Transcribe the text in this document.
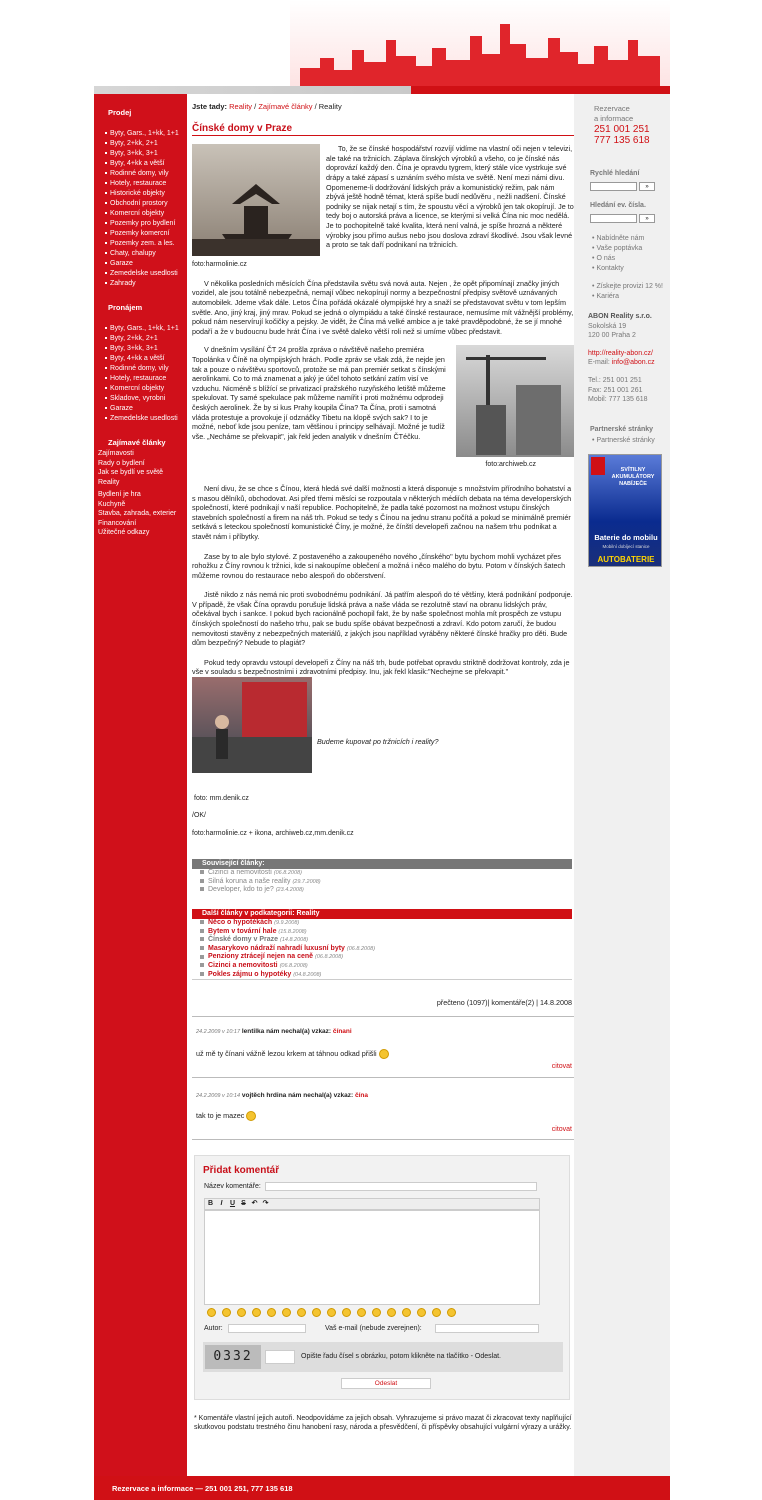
Prodej
Byty, Gars., 1+kk, 1+1
Byty, 2+kk, 2+1
Byty, 3+kk, 3+1
Byty, 4+kk a větší
Rodinné domy, vily
Hotely, restaurace
Historické objekty
Obchodní prostory
Komercní objekty
Pozemky pro bydlení
Pozemky komercní
Pozemky zem. a les.
Chaty, chalupy
Garaze
Zemedelske usedlosti
Zahrady
Pronájem
Byty, Gars., 1+kk, 1+1
Byty, 2+kk, 2+1
Byty, 3+kk, 3+1
Byty, 4+kk a větší
Rodinné domy, vily
Hotely, restaurace
Komercní objekty
Skladove, vyrobni
Garaze
Zemedelske usedlosti
Zajímavé články
Zajímavosti
Rady o bydlení
Jak se bydlí ve světě
Reality
Bydlení je hra
Kuchyně
Stavba, zahrada, exterier
Financování
Užitečné odkazy
Jste tady: Reality / Zajímavé články / Reality
Čínské domy v Praze
To, že se čínské hospodářství rozvíjí vidíme na vlastní oči nejen v televizi, ale také na tržnicích. Záplava čínských výrobků a všeho, co je čínské nás doprovází každý den. Čína je opravdu tygrem, který stále více vystrkuje své drápy a také zápasí s uznáním svého místa ve světě. Není mezi námi divu. Opomeneme-li dodržování lidských práv a komunistický režim, pak nám zbývá ještě hodně témat, která spíše budí nedůvěru , nežli nadšení. Čínské podniky se nijak netají s tím, že spoustu věcí a výrobků jen tak okopírují. Je to tedy boj o autorská práva a licence, se kterými si velká Čína nic moc nedělá. Je to pochopitelně také kvalita, která není valná, je spíše hrozná a některé výrobky jsou přímo aušus nebo jsou doslova zdraví škodlivé. Jsou však levné a proto se tak daří podnikaní na tržnicích.
foto:harmolinie.cz
V několika posledních měsících Čína představila světu svá nová auta. Nejen , že opět připomínají značky jiných vozidel, ale jsou totálně nebezpečná, nemají vůbec nekopírují normy a bezpečnostní předpisy světově uznávaných automobilek. Jdeme však dále. Letos Čína pořádá okázalé olympijské hry a snaží se představovat světu v tom lepším světle. Ano, jiný kraj, jiný mrav. Pokud se jedná o olympiádu a také čínské restaurace, nemusíme mít vážnější problémy, pokud nám neservírují kočičky a pejsky. Je vidět, že Čína má velké ambice a je také pravděpodobné, že se jí mnohé podaří a že v budoucnu bude hrát Čína i ve světě daleko větší roli než si umíme vůbec představit.
V dnešním vysílání ČT 24 prošla zpráva o návštěvě našeho premiéra Topolánka v Číně na olympijských hrách. Podle zpráv se však zdá, že nejde jen tak a pouze o návštěvu sportovců, protože se má pan premiér setkat s čínskými aerolinkami. Co to má znamenat a jaký je účel tohoto setkání zatím visí ve vzduchu. Nicméně s blížící se privatizací pražského ruzyňského letiště můžeme spekulovat. Ty samé spekulace pak můžeme namířit i proti možnému odprodeji českých aerolinek. Že by si kus Prahy koupila Čína? Ta Čína, proti i samotná vláda protestuje a provokuje jí odznáčky Tibetu na klopě svých sak? I to je možné, neboť kde jsou peníze, tam většinou i principy selhávají. Možné je tudíž vše. „Necháme se překvapit", jak řekl jeden analytik v dnešním ČTéčku.
foto:archiweb.cz
Není divu, že se chce s Čínou, která hledá své další možnosti a která disponuje s množstvím přírodního bohatství a s masou dělníků, obchodovat. Asi před třemi měsíci se rozpoutala v některých médiích debata na téma developerských společností, které podnikají v naší republice. Pochopitelně, že padla také pozornost na možnost vstupu čínských stavebních společností a firem na náš trh. Pokud se tedy s Čínou na jednu stranu počítá a pokud se minimálně premiér setkává s leteckou společností komunistické Číny, je možné, že čínští developeři začnou na našem trhu podnikat a stavět nám i příbytky.
Zase by to ale bylo stylové. Z postaveného a zakoupeného nového „čínského" bytu bychom mohli vycházet přes rohožku z Číny rovnou k tržnici, kde si nakoupíme oblečení a možná i něco malého do bytu. Potom v čínských šatech můžeme rovnou do restaurace nebo alespoň do občerstvení.
Jistě nikdo z nás nemá nic proti svobodnému podnikání. Já patřím alespoň do té většiny, která podnikání podporuje. V případě, že však Čína opravdu porušuje lidská práva a naše vláda se rezolutně staví na obranu lidských práv, očekával bych i sankce. I pokud bych racionálně pochopil fakt, že by naše společnost mohla mít prospěch ze vstupu čínských společností do našeho trhu, pak se budu spíše obávat bezpečnosti a zdraví. Kdo potom zaručí, že budou nemovitosti stavěny z nebezpečných materiálů, z jakých jsou například vyráběny některé čínské hračky pro děti. Bude dům bezpečný? Nebude to plagiát?
Pokud tedy opravdu vstoupí developeři z Číny na náš trh, bude potřebat opravdu striktně dodržovat kontroly, zda je vše v souladu s bezpečnostními i zdravotními předpisy. Inu, jak řekl klasik:"Nechejme se překvapit."
Budeme kupovat po tržnicích i reality?
foto: mm.denik.cz
/OK/
foto:harmolinie.cz + ikona, archiweb.cz,mm.denik.cz
Související články:
Cizinci a nemovitosti (06.8.2008)
Silná koruna a naše reality (29.7.2008)
Developer, kdo to je? (23.4.2008)
Další články v podkategorii: Reality
Něco o hypotékách (9.9.2008)
Bytem v tovární hale (15.8.2008)
Čínské domy v Praze (14.8.2008)
Masarykovo nádraží nahradí luxusní byty (06.8.2008)
Penziony ztrácejí nejen na ceně (06.8.2008)
Cizinci a nemovitosti (06.8.2008)
Pokles zájmu o hypotéky (04.8.2008)
přečteno (1097)| komentáře(2) | 14.8.2008
24.2.2009 v 10:17 lentilka nám nechal(a) vzkaz: čínani
už mě ty čínani vážně lezou krkem at táhnou odkad přišli
citovat
24.2.2009 v 10:14 vojtěch hrdina nám nechal(a) vzkaz: čína
tak to je mazec
citovat
Přidat komentář
Název komentáře:
B I U S ↶ ↷
Autor:	Vaš e-mail (nebude zverejnen):
0332	Opište řadu čísel s obrázku, potom klikněte na tlačítko - Odeslat.
Odeslat
* Komentáře vlastní jejich autoři. Neodpovídáme za jejich obsah. Vyhrazujeme si právo mazat či zkracovat texty naplňující skutkovou podstatu trestného činu hanobení rasy, národa a přesvědčení, či příspěvky obsahující vulgární výrazy a urážky.
Rezervace
a informace
251 001 251
777 135 618
Rychlé hledání
»
Hledání ev. čísla.
»
• Nabídněte nám
• Vaše poptávka
• O nás
• Kontakty
• Získejte provizi 12 %!
• Kariéra
ABON Reality s.r.o.
Sokolská 19
120 00 Praha 2
http://reality-abon.cz/
E-mail: info@abon.cz
Tel.: 251 001 251
Fax: 251 001 261
Mobil: 777 135 618
Partnerské stránky
• Partnerské stránky
SVÍTILNY AKUMULÁTORY NABÍJEČE
Baterie do mobilu
Mobilní dobíjecí stanice
AUTOBATERIE
Rezervace a informace — 251 001 251, 777 135 618
